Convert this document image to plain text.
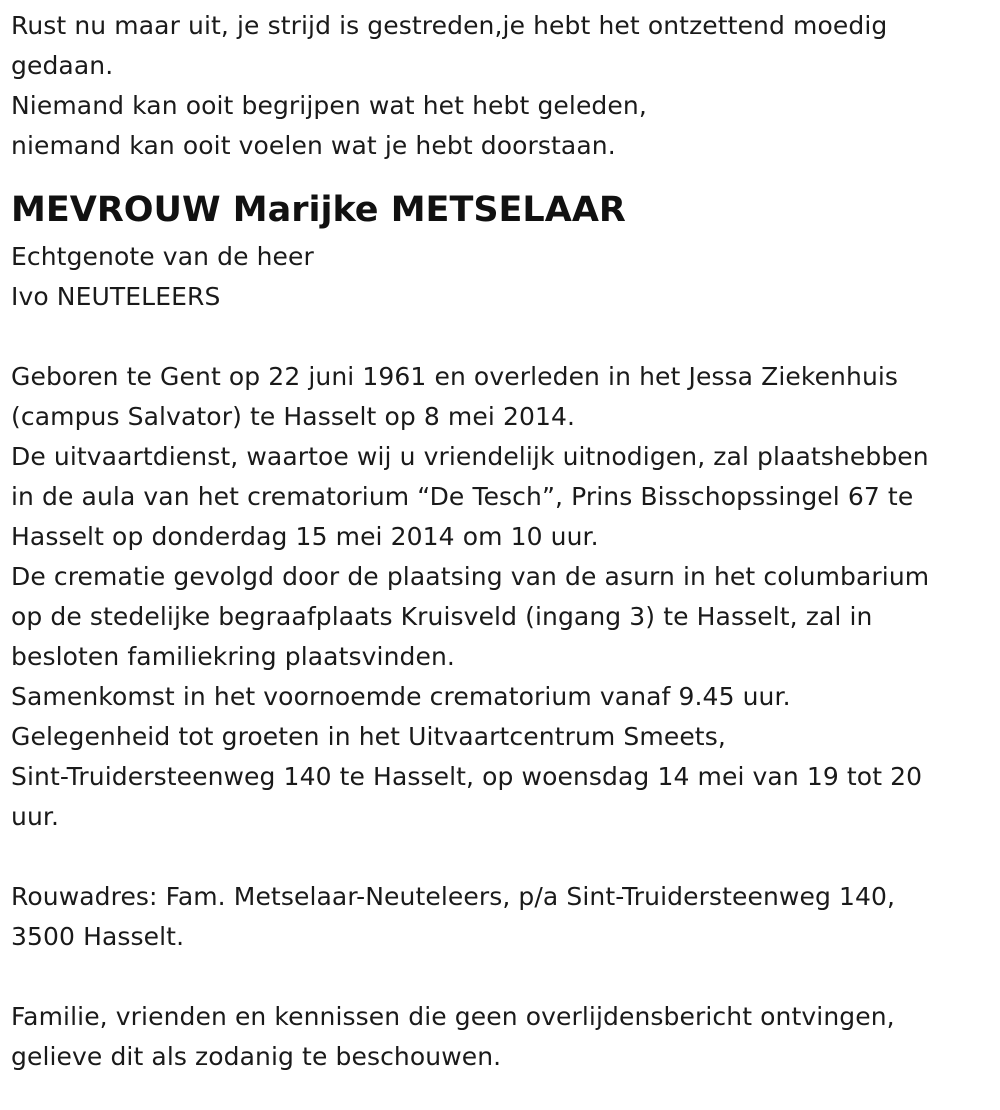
Rust nu maar uit, je strijd is gestreden,je hebt het ontzettend moedig
gedaan.
Niemand kan ooit begrijpen wat het hebt geleden,
niemand kan ooit voelen wat je hebt doorstaan.
MEVROUW Marijke METSELAAR
Echtgenote van de heer
Ivo NEUTELEERS
Geboren te Gent op 22 juni 1961 en overleden in het Jessa Ziekenhuis
(campus Salvator) te Hasselt op 8 mei 2014.
De uitvaartdienst, waartoe wij u vriendelijk uitnodigen, zal plaatshebben
in de aula van het crematorium “De Tesch”, Prins Bisschopssingel 67 te
Hasselt op donderdag 15 mei 2014 om 10 uur.
De crematie gevolgd door de plaatsing van de asurn in het columbarium
op de stedelijke begraafplaats Kruisveld (ingang 3) te Hasselt, zal in
besloten familiekring plaatsvinden.
Samenkomst in het voornoemde crematorium vanaf 9.45 uur.
Gelegenheid tot groeten in het Uitvaartcentrum Smeets,
Sint-Truidersteenweg 140 te Hasselt, op woensdag 14 mei van 19 tot 20
uur.
Rouwadres: Fam. Metselaar-Neuteleers, p/a Sint-Truidersteenweg 140,
3500 Hasselt.
Familie, vrienden en kennissen die geen overlijdensbericht ontvingen,
gelieve dit als zodanig te beschouwen.
